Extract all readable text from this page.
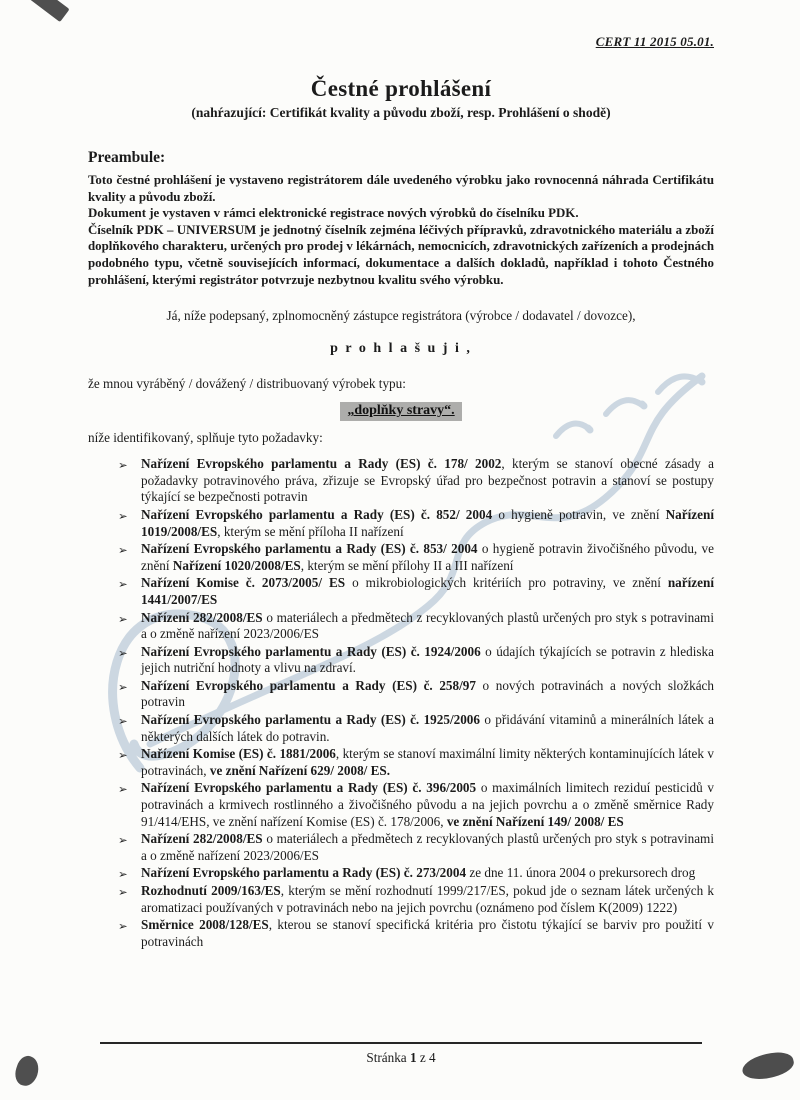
CERT 11 2015 05.01.
Čestné prohlášení
(nahŕazující: Certifikát kvality a původu zboží, resp. Prohlášení o shodě)
Preambule:

Toto čestné prohlášení je vystaveno registrátorem dále uvedeného výrobku jako rovnocenná náhrada Certifikátu kvality a původu zboží.

Dokument je vystaven v rámci elektronické registrace nových výrobků do číselníku PDK.

Číselník PDK – UNIVERSUM je jednotný číselník zejména léčivých přípravků, zdravotnického materiálu a zboží doplňkového charakteru, určených pro prodej v lékárnách, nemocnicích, zdravotnických zařízeních a prodejnách podobného typu, včetně souvisejících informací, dokumentace a dalších dokladů, například i tohoto Čestného prohlášení, kterými registrátor potvrzuje nezbytnou kvalitu svého výrobku.

Já, níže podepsaný, zplnomocněný zástupce registrátora (výrobce / dodavatel / dovozce),

p r o h l a š u j i ,

že mnou vyráběný / dovážený / distribuovaný výrobek typu:

„doplňky stravy“.

níže identifikovaný, splňuje tyto požadavky:

➢	Nařízení Evropského parlamentu a Rady (ES) č. 178/ 2002, kterým se stanoví obecné zásady a požadavky potravinového práva, zřizuje se Evropský úřad pro bezpečnost potravin a stanoví se postupy týkající se bezpečnosti potravin
➢	Nařízení Evropského parlamentu a Rady (ES) č. 852/ 2004 o hygieně potravin, ve znění Nařízení 1019/2008/ES, kterým se mění příloha II nařízení
➢	Nařízení Evropského parlamentu a Rady (ES) č. 853/ 2004 o hygieně potravin živočišného původu, ve znění Nařízení 1020/2008/ES, kterým se mění přílohy II a III nařízení
➢	Nařízení Komise č. 2073/2005/ ES o mikrobiologických kritériích pro potraviny, ve znění nařízení 1441/2007/ES
➢	Nařízení 282/2008/ES o materiálech a předmětech z recyklovaných plastů určených pro styk s potravinami a o změně nařízení 2023/2006/ES
➢	Nařízení Evropského parlamentu a Rady (ES) č. 1924/2006 o údajích týkajících se potravin z hlediska jejich nutriční hodnoty a vlivu na zdraví.
➢	Nařízení Evropského parlamentu a Rady (ES) č. 258/97 o nových potravinách a nových složkách potravin
➢	Nařízení Evropského parlamentu a Rady (ES) č. 1925/2006 o přidávání vitaminů a minerálních látek a některých dalších látek do potravin.
➢	Nařízení Komise (ES) č. 1881/2006, kterým se stanoví maximální limity některých kontaminujících látek v potravinách, ve znění Nařízení 629/ 2008/ ES.
➢	Nařízení Evropského parlamentu a Rady (ES) č. 396/2005 o maximálních limitech reziduí pesticidů v potravinách a krmivech rostlinného a živočišného původu a na jejich povrchu a o změně směrnice Rady 91/414/EHS, ve znění nařízení Komise (ES) č. 178/2006, ve znění Nařízení 149/ 2008/ ES
➢	Nařízení 282/2008/ES o materiálech a předmětech z recyklovaných plastů určených pro styk s potravinami a o změně nařízení 2023/2006/ES
➢	Nařízení Evropského parlamentu a Rady (ES) č. 273/2004 ze dne 11. února 2004 o prekursorech drog
➢	Rozhodnutí 2009/163/ES, kterým se mění rozhodnutí 1999/217/ES, pokud jde o seznam látek určených k aromatizaci používaných v potravinách nebo na jejich povrchu (oznámeno pod číslem K(2009) 1222)
➢	Směrnice 2008/128/ES, kterou se stanoví specifická kritéria pro čistotu týkající se barviv pro použití v potravinách
Stránka 1 z 4
